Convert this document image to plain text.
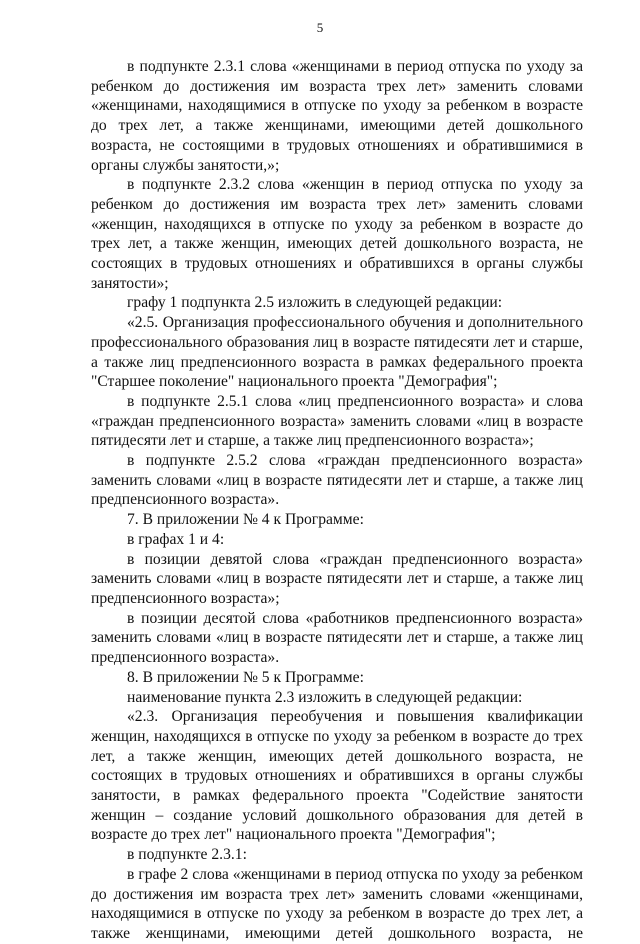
5

в подпункте 2.3.1 слова «женщинами в период отпуска по уходу за ребенком до достижения им возраста трех лет» заменить словами «женщинами, находящимися в отпуске по уходу за ребенком в возрасте до трех лет, а также женщинами, имеющими детей дошкольного возраста, не состоящими в трудовых отношениях и обратившимися в органы службы занятости,»;

в подпункте 2.3.2 слова «женщин в период отпуска по уходу за ребенком до достижения им возраста трех лет» заменить словами «женщин, находящихся в отпуске по уходу за ребенком в возрасте до трех лет, а также женщин, имеющих детей дошкольного возраста, не состоящих в трудовых отношениях и обратившихся в органы службы занятости»;

графу 1 подпункта 2.5 изложить в следующей редакции:

«2.5. Организация профессионального обучения и дополнительного профессионального образования лиц в возрасте пятидесяти лет и старше, а также лиц предпенсионного возраста в рамках федерального проекта "Старшее поколение" национального проекта "Демография";

в подпункте 2.5.1 слова «лиц предпенсионного возраста» и слова «граждан предпенсионного возраста» заменить словами «лиц в возрасте пятидесяти лет и старше, а также лиц предпенсионного возраста»;

в подпункте 2.5.2 слова «граждан предпенсионного возраста» заменить словами «лиц в возрасте пятидесяти лет и старше, а также лиц предпенсионного возраста».

7. В приложении № 4 к Программе:

в графах 1 и 4:

в позиции девятой слова «граждан предпенсионного возраста» заменить словами «лиц в возрасте пятидесяти лет и старше, а также лиц предпенсионного возраста»;

в позиции десятой слова «работников предпенсионного возраста» заменить словами «лиц в возрасте пятидесяти лет и старше, а также лиц предпенсионного возраста».

8. В приложении № 5 к Программе:

наименование пункта 2.3 изложить в следующей редакции:

«2.3. Организация переобучения и повышения квалификации женщин, находящихся в отпуске по уходу за ребенком в возрасте до трех лет, а также женщин, имеющих детей дошкольного возраста, не состоящих в трудовых отношениях и обратившихся в органы службы занятости, в рамках федерального проекта "Содействие занятости женщин – создание условий дошкольного образования для детей в возрасте до трех лет" национального проекта "Демография";

в подпункте 2.3.1:

в графе 2 слова «женщинами в период отпуска по уходу за ребенком до достижения им возраста трех лет» заменить словами «женщинами, находящимися в отпуске по уходу за ребенком в возрасте до трех лет, а также женщинами, имеющими детей дошкольного возраста, не
